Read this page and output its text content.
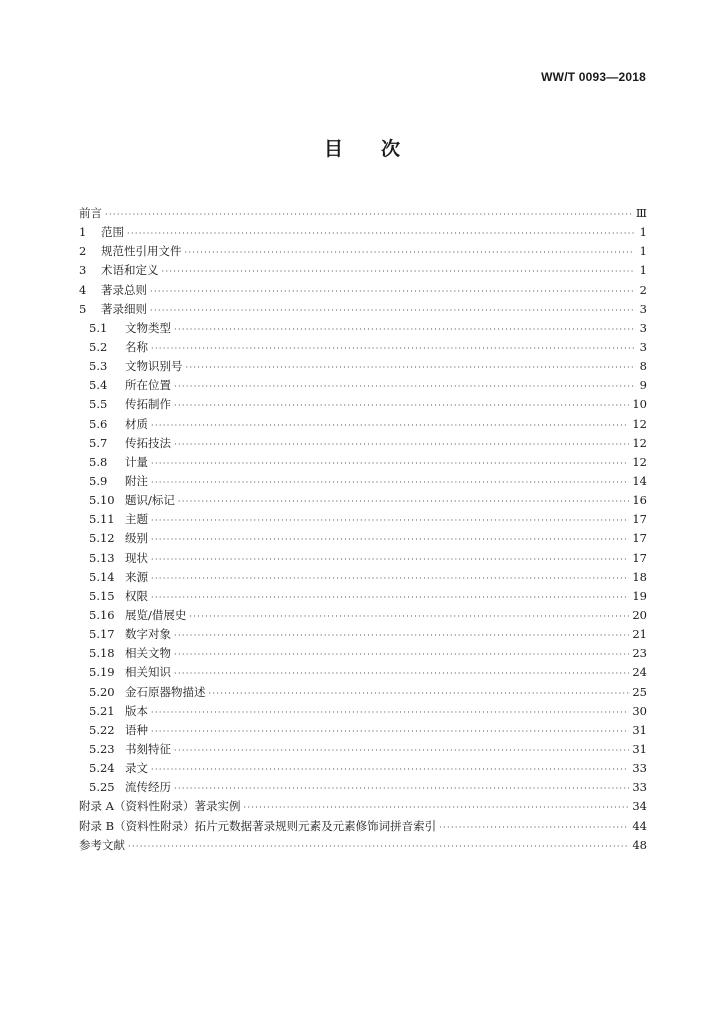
WW/T 0093—2018
目 次
前言 ·····	Ⅲ
1	范围 ·····	1
2	规范性引用文件 ·····	1
3	术语和定义 ·····	1
4	著录总则 ·····	2
5	著录细则 ·····	3
5.1	文物类型 ·····	3
5.2	名称 ·····	3
5.3	文物识别号 ·····	8
5.4	所在位置 ·····	9
5.5	传拓制作 ·····	10
5.6	材质 ·····	12
5.7	传拓技法 ·····	12
5.8	计量 ·····	12
5.9	附注 ·····	14
5.10 题识/标记 ·····	16
5.11 主题 ·····	17
5.12 级别 ·····	17
5.13 现状 ·····	17
5.14 来源 ·····	18
5.15 权限 ·····	19
5.16 展览/借展史 ·····	20
5.17 数字对象 ·····	21
5.18 相关文物 ·····	23
5.19 相关知识 ·····	24
5.20 金石原器物描述 ·····	25
5.21 版本 ·····	30
5.22 语种 ·····	31
5.23 书刻特征 ·····	31
5.24 录文 ·····	33
5.25 流传经历 ·····	33
附录 A（资料性附录）著录实例 ·····	34
附录 B（资料性附录）拓片元数据著录规则元素及元素修饰词拼音索引 ·····	44
参考文献 ·····	48
